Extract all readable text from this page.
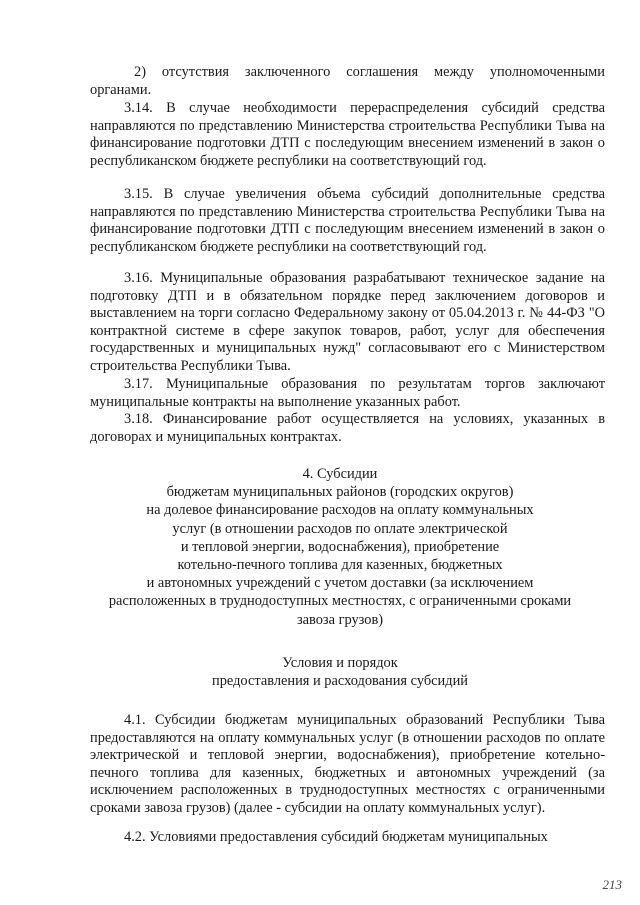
2) отсутствия заключенного соглашения между уполномоченными органами.
3.14. В случае необходимости перераспределения субсидий средства направляются по представлению Министерства строительства Республики Тыва на финансирование подготовки ДТП с последующим внесением изменений в закон о республиканском бюджете республики на соответствующий год.
3.15. В случае увеличения объема субсидий дополнительные средства направляются по представлению Министерства строительства Республики Тыва на финансирование подготовки ДТП с последующим внесением изменений в закон о республиканском бюджете республики на соответствующий год.
3.16. Муниципальные образования разрабатывают техническое задание на подготовку ДТП и в обязательном порядке перед заключением договоров и выставлением на торги согласно Федеральному закону от 05.04.2013 г. № 44-ФЗ "О контрактной системе в сфере закупок товаров, работ, услуг для обеспечения государственных и муниципальных нужд" согласовывают его с Министерством строительства Республики Тыва.
3.17. Муниципальные образования по результатам торгов заключают муниципальные контракты на выполнение указанных работ.
3.18. Финансирование работ осуществляется на условиях, указанных в договорах и муниципальных контрактах.
4. Субсидии
бюджетам муниципальных районов (городских округов)
на долевое финансирование расходов на оплату коммунальных
услуг (в отношении расходов по оплате электрической
и тепловой энергии, водоснабжения), приобретение
котельно-печного топлива для казенных, бюджетных
и автономных учреждений с учетом доставки (за исключением
расположенных в труднодоступных местностях, с ограниченными сроками
завоза грузов)
Условия и порядок
предоставления и расходования субсидий
4.1. Субсидии бюджетам муниципальных образований Республики Тыва предоставляются на оплату коммунальных услуг (в отношении расходов по оплате электрической и тепловой энергии, водоснабжения), приобретение котельно-печного топлива для казенных, бюджетных и автономных учреждений (за исключением расположенных в труднодоступных местностях с ограниченными сроками завоза грузов) (далее - субсидии на оплату коммунальных услуг).
4.2. Условиями предоставления субсидий бюджетам муниципальных
213
